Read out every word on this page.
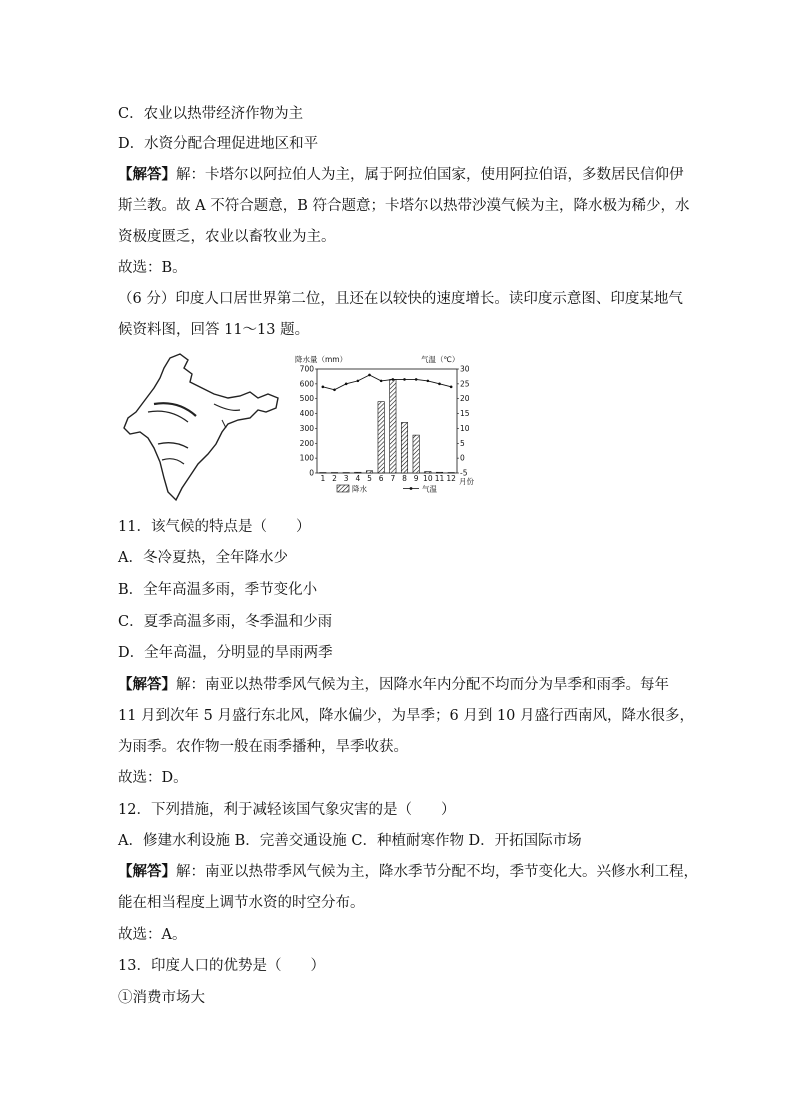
C．农业以热带经济作物为主
D．水资分配合理促进地区和平
【解答】解：卡塔尔以阿拉伯人为主，属于阿拉伯国家，使用阿拉伯语，多数居民信仰伊
斯兰教。故 A 不符合题意，B 符合题意；卡塔尔以热带沙漠气候为主，降水极为稀少，水
资极度匮乏，农业以畜牧业为主。
故选：B。
（6 分）印度人口居世界第二位，且还在以较快的速度增长。读印度示意图、印度某地气
候资料图，回答 11～13 题。
降水量（mm）	气温（℃）
0
100
200
300
400
500
600
700
-5
0
5
10
15
20
25
30
1 2 3 4 5 6 7 8 9 10 11 12 月份
降水	气温
11．该气候的特点是（　　）
A．冬冷夏热，全年降水少
B．全年高温多雨，季节变化小
C．夏季高温多雨，冬季温和少雨
D．全年高温，分明显的旱雨两季
【解答】解：南亚以热带季风气候为主，因降水年内分配不均而分为旱季和雨季。每年
11 月到次年 5 月盛行东北风，降水偏少，为旱季；6 月到 10 月盛行西南风，降水很多，
为雨季。农作物一般在雨季播种，旱季收获。
故选：D。
12．下列措施，利于减轻该国气象灾害的是（　　）
A．修建水利设施 B．完善交通设施 C．种植耐寒作物 D．开拓国际市场
【解答】解：南亚以热带季风气候为主，降水季节分配不均，季节变化大。兴修水利工程，
能在相当程度上调节水资的时空分布。
故选：A。
13．印度人口的优势是（　　）
①消费市场大
